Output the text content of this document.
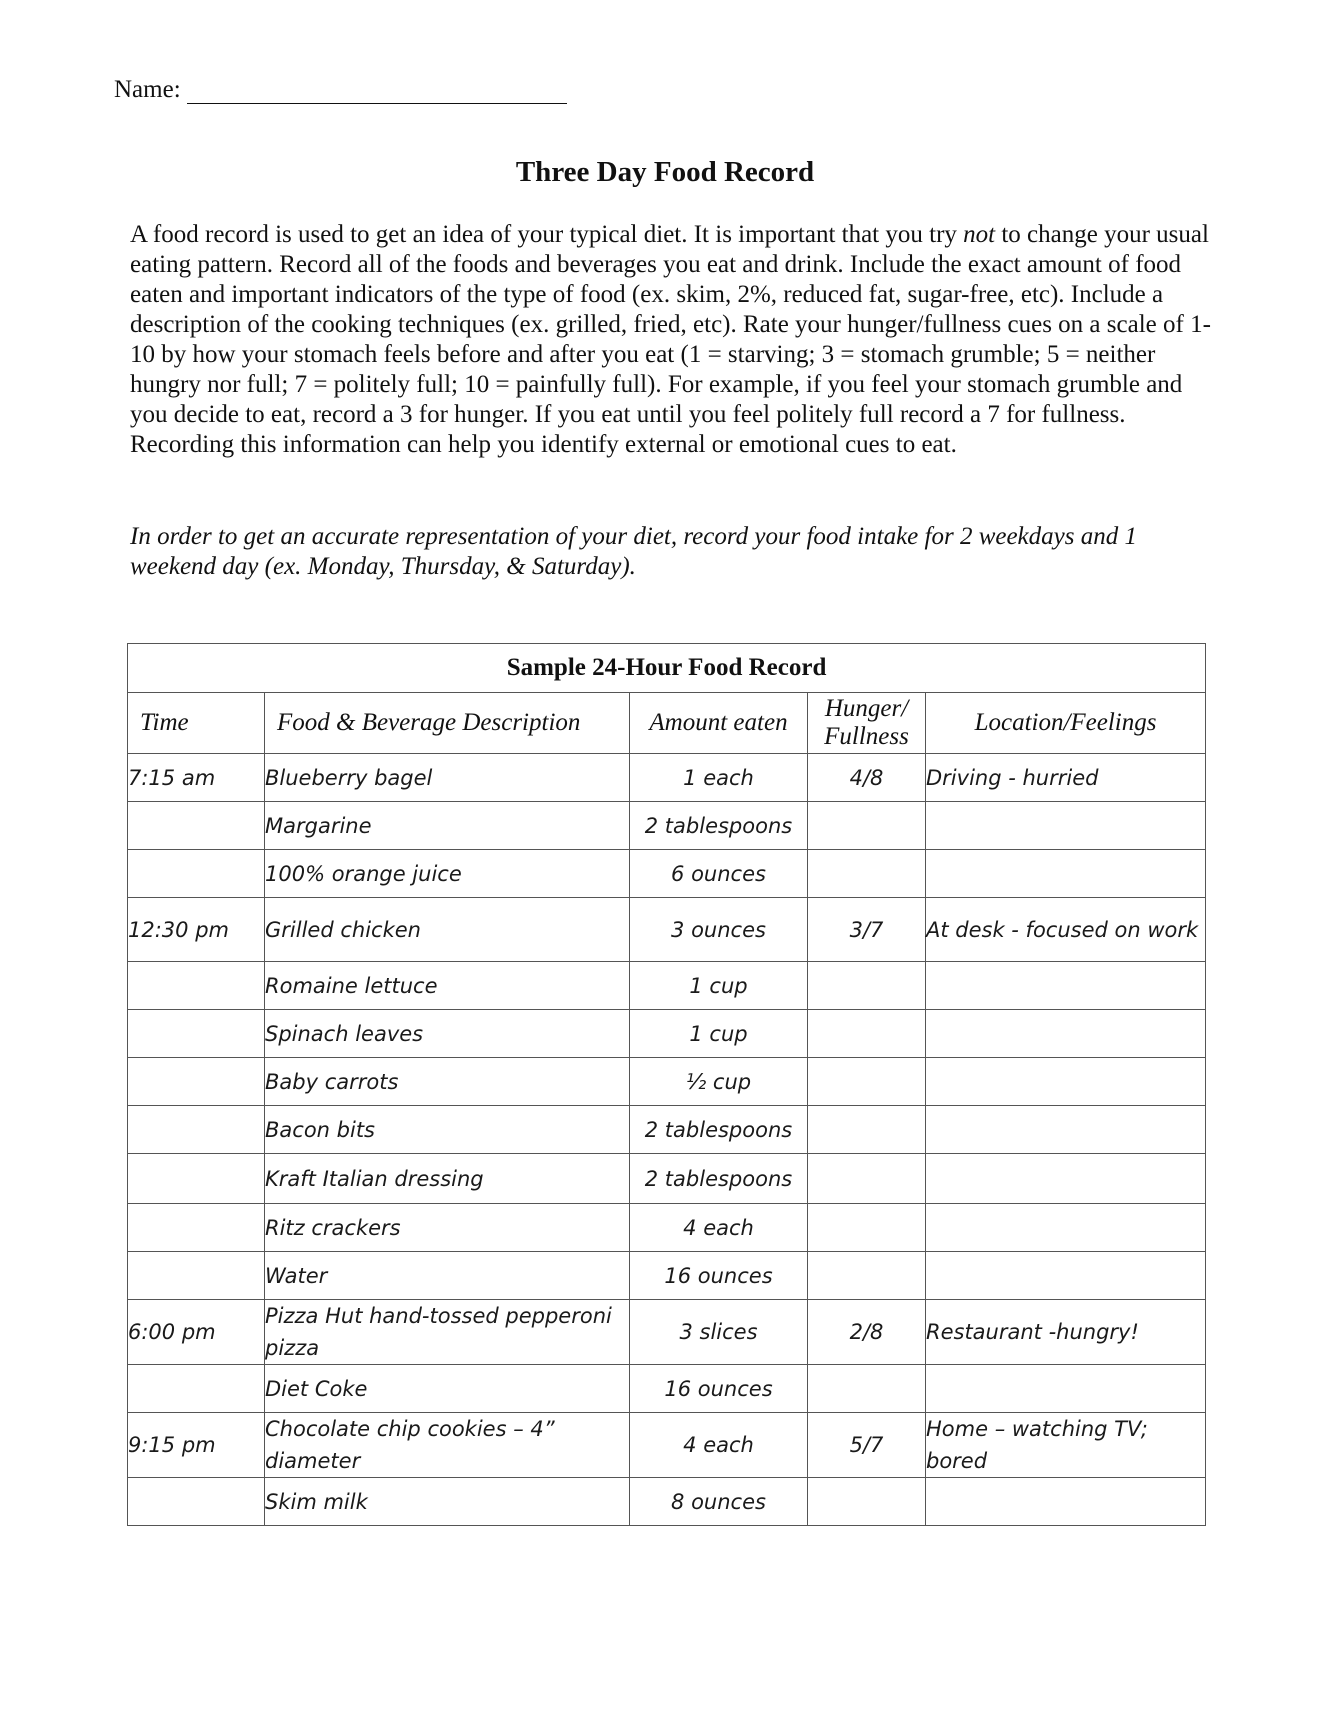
Name:
Three Day Food Record

A food record is used to get an idea of your typical diet. It is important that you try not to change your usual eating pattern. Record all of the foods and beverages you eat and drink. Include the exact amount of food eaten and important indicators of the type of food (ex. skim, 2%, reduced fat, sugar-free, etc). Include a description of the cooking techniques (ex. grilled, fried, etc). Rate your hunger/fullness cues on a scale of 1-10 by how your stomach feels before and after you eat (1 = starving; 3 = stomach grumble; 5 = neither hungry nor full; 7 = politely full; 10 = painfully full). For example, if you feel your stomach grumble and you decide to eat, record a 3 for hunger. If you eat until you feel politely full record a 7 for fullness. Recording this information can help you identify external or emotional cues to eat.

In order to get an accurate representation of your diet, record your food intake for 2 weekdays and 1 weekend day (ex. Monday, Thursday, & Saturday).

Sample 24-Hour Food Record				
Time	Food & Beverage Description	Amount eaten	Hunger/ Fullness	Location/Feelings
7:15 am	Blueberry bagel	1 each	4/8	Driving - hurried
	Margarine	2 tablespoons		
	100% orange juice	6 ounces		
12:30 pm	Grilled chicken	3 ounces	3/7	At desk - focused on work
	Romaine lettuce	1 cup		
	Spinach leaves	1 cup		
	Baby carrots	½ cup		
	Bacon bits	2 tablespoons		
	Kraft Italian dressing	2 tablespoons		
	Ritz crackers	4 each		
	Water	16 ounces		
6:00 pm	Pizza Hut hand-tossed pepperoni pizza	3 slices	2/8	Restaurant -hungry!
	Diet Coke	16 ounces		
9:15 pm	Chocolate chip cookies – 4” diameter	4 each	5/7	Home – watching TV; bored
	Skim milk	8 ounces		
